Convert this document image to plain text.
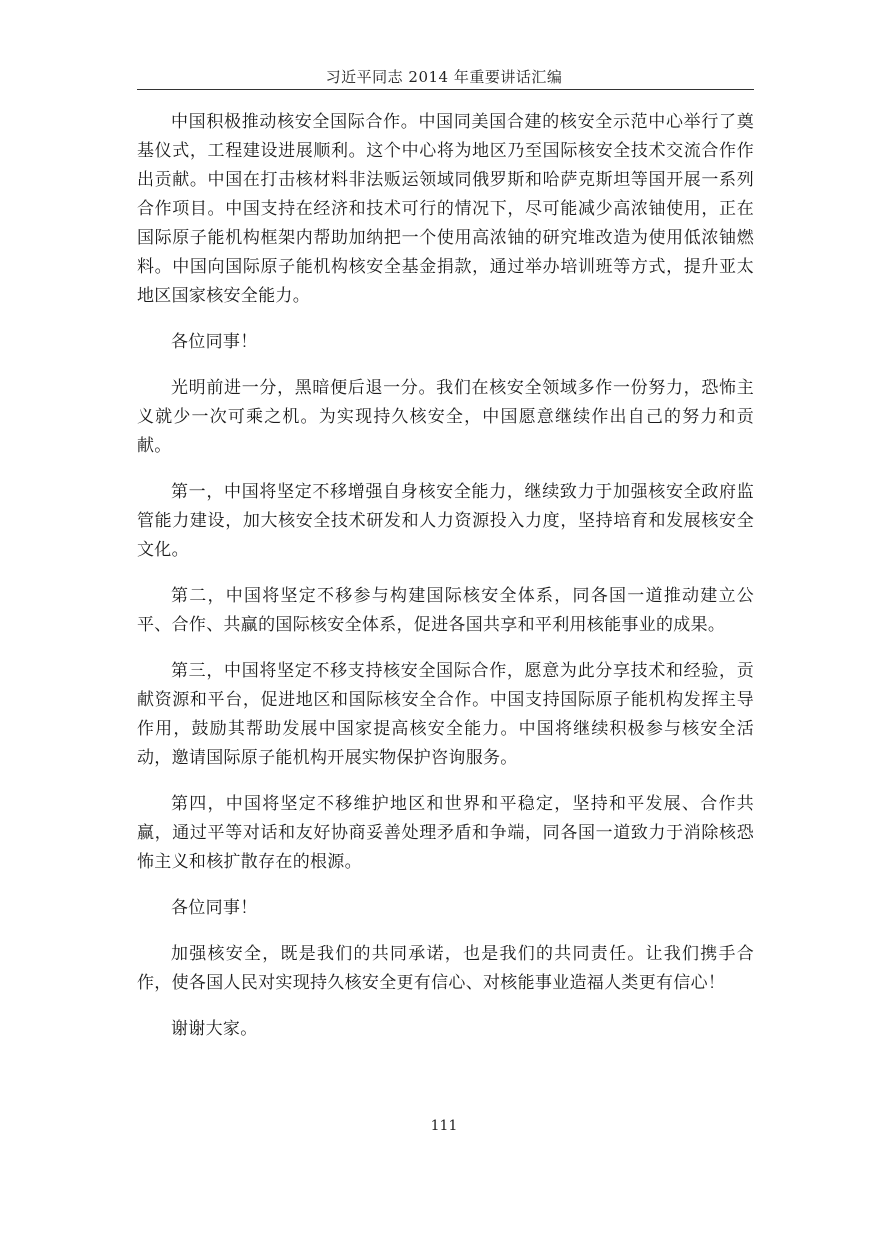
习近平同志 2014 年重要讲话汇编

中国积极推动核安全国际合作。中国同美国合建的核安全示范中心举行了奠基仪式，工程建设进展顺利。这个中心将为地区乃至国际核安全技术交流合作作出贡献。中国在打击核材料非法贩运领域同俄罗斯和哈萨克斯坦等国开展一系列合作项目。中国支持在经济和技术可行的情况下，尽可能减少高浓铀使用，正在国际原子能机构框架内帮助加纳把一个使用高浓铀的研究堆改造为使用低浓铀燃料。中国向国际原子能机构核安全基金捐款，通过举办培训班等方式，提升亚太地区国家核安全能力。

各位同事！

光明前进一分，黑暗便后退一分。我们在核安全领域多作一份努力，恐怖主义就少一次可乘之机。为实现持久核安全，中国愿意继续作出自己的努力和贡献。

第一，中国将坚定不移增强自身核安全能力，继续致力于加强核安全政府监管能力建设，加大核安全技术研发和人力资源投入力度，坚持培育和发展核安全文化。

第二，中国将坚定不移参与构建国际核安全体系，同各国一道推动建立公平、合作、共赢的国际核安全体系，促进各国共享和平利用核能事业的成果。

第三，中国将坚定不移支持核安全国际合作，愿意为此分享技术和经验，贡献资源和平台，促进地区和国际核安全合作。中国支持国际原子能机构发挥主导作用，鼓励其帮助发展中国家提高核安全能力。中国将继续积极参与核安全活动，邀请国际原子能机构开展实物保护咨询服务。

第四，中国将坚定不移维护地区和世界和平稳定，坚持和平发展、合作共赢，通过平等对话和友好协商妥善处理矛盾和争端，同各国一道致力于消除核恐怖主义和核扩散存在的根源。

各位同事！

加强核安全，既是我们的共同承诺，也是我们的共同责任。让我们携手合作，使各国人民对实现持久核安全更有信心、对核能事业造福人类更有信心！

谢谢大家。

111
